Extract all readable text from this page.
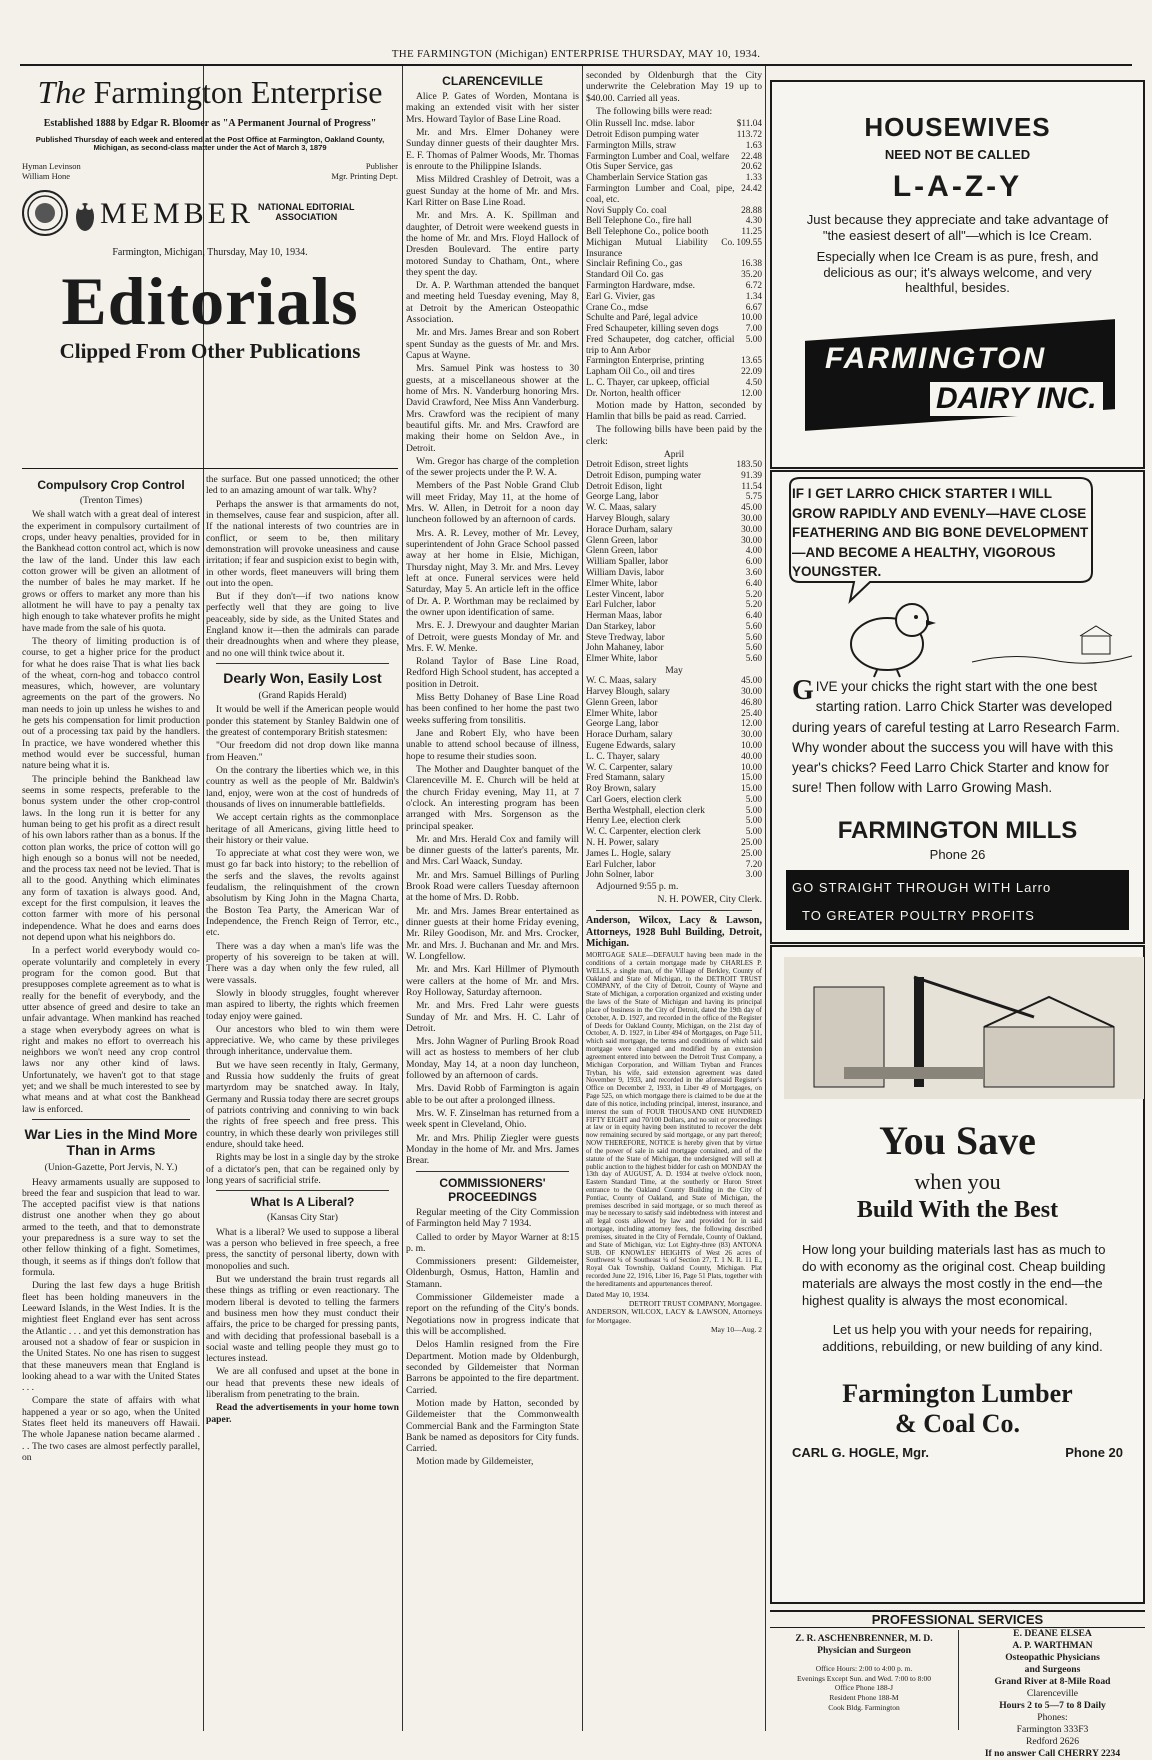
THE FARMINGTON (Michigan) ENTERPRISE THURSDAY, MAY 10, 1934.
The Farmington Enterprise
Established 1888 by Edgar R. Bloomer as "A Permanent Journal of Progress"
Published Thursday of each week and entered at the Post Office at Farmington, Oakland County, Michigan, as second-class matter under the Act of March 3, 1879
Hyman Levinson
William Hone
Publisher
Mgr. Printing Dept.
MEMBER NATIONAL EDITORIAL
ASSOCIATION
Farmington, Michigan, Thursday, May 10, 1934.
Editorials
Clipped From Other Publications
Compulsory Crop Control
(Trenton Times)

We shall watch with a great deal of interest the experiment in compulsory curtailment of crops, under heavy penalties, provided for in the Bankhead cotton control act, which is now the law of the land. Under this law each cotton grower will be given an allotment of the number of bales he may market. If he grows or offers to market any more than his allotment he will have to pay a penalty tax high enough to take whatever profits he might have made from the sale of his quota.

The theory of limiting production is of course, to get a higher price for the product for what he does raise That is what lies back of the wheat, corn-hog and tobacco control measures, which, however, are voluntary agreements on the part of the growers. No man needs to join up unless he wishes to and he gets his compensation for limit production out of a processing tax paid by the handlers. In practice, we have wondered whether this method would ever be successful, human nature being what it is.

The principle behind the Bankhead law seems in some respects, preferable to the bonus system under the other crop-control laws. In the long run it is better for any human being to get his profit as a direct result of his own labors rather than as a bonus. If the cotton plan works, the price of cotton will go high enough so a bonus will not be needed, and the process tax need not be levied. That is all to the good. Anything which eliminates any form of taxation is always good. And, except for the first compulsion, it leaves the cotton farmer with more of his personal independence. What he does and earns does not depend upon what his neighbors do.

In a perfect world everybody would co-operate voluntarily and completely in every program for the comon good. But that presupposes complete agreement as to what is really for the benefit of everybody, and the utter absence of greed and desire to take an unfair advantage. When mankind has reached a stage when everybody agrees on what is right and makes no effort to overreach his neighbors we won't need any crop control laws nor any other kind of laws. Unfortunately, we haven't got to that stage yet; and we shall be much interested to see by what means and at what cost the Bankhead law is enforced.

War Lies in the Mind More Than in Arms
(Union-Gazette, Port Jervis, N. Y.)

Heavy armaments usually are supposed to breed the fear and suspicion that lead to war. The accepted pacifist view is that nations distrust one another when they go about armed to the teeth, and that to demonstrate your preparedness is a sure way to set the other fellow thinking of a fight. Sometimes, though, it seems as if things don't follow that formula.

During the last few days a huge British fleet has been holding maneuvers in the Leeward Islands, in the West Indies. It is the mightiest fleet England ever has sent across the Atlantic . . . and yet this demonstration has aroused not a shadow of fear or suspicion in the United States. No one has risen to suggest that these maneuvers mean that England is looking ahead to a war with the United States . . .

Compare the state of affairs with what happened a year or so ago, when the United States fleet held its maneuvers off Hawaii. The whole Japanese nation became alarmed . . . The two cases are almost perfectly parallel, on

the surface. But one passed unnoticed; the other led to an amazing amount of war talk. Why?

Perhaps the answer is that armaments do not, in themselves, cause fear and suspicion, after all. If the national interests of two countries are in conflict, or seem to be, then military demonstration will provoke uneasiness and cause irritation; if fear and suspicion exist to begin with, in other words, fleet maneuvers will bring them out into the open.

But if they don't—if two nations know perfectly well that they are going to live peaceably, side by side, as the United States and England know it—then the admirals can parade their dreadnoughts when and where they please, and no one will think twice about it.

Dearly Won, Easily Lost
(Grand Rapids Herald)

It would be well if the American people would ponder this statement by Stanley Baldwin one of the greatest of contemporary British statesmen:

"Our freedom did not drop down like manna from Heaven."

On the contrary the liberties which we, in this country as well as the people of Mr. Baldwin's land, enjoy, were won at the cost of hundreds of thousands of lives on innumerable battlefields.

We accept certain rights as the commonplace heritage of all Americans, giving little heed to their history or their value.

To appreciate at what cost they were won, we must go far back into history; to the rebellion of the serfs and the slaves, the revolts against feudalism, the relinquishment of the crown absolutism by King John in the Magna Charta, the Boston Tea Party, the American War of Independence, the French Reign of Terror, etc., etc.

There was a day when a man's life was the property of his sovereign to be taken at will. There was a day when only the few ruled, all were vassals.

Slowly in bloody struggles, fought wherever man aspired to liberty, the rights which freemen today enjoy were gained.

Our ancestors who bled to win them were appreciative. We, who came by these privileges through inheritance, undervalue them.

But we have seen recently in Italy, Germany, and Russia how suddenly the fruits of great martyrdom may be snatched away. In Italy, Germany and Russia today there are secret groups of patriots contriving and conniving to win back the rights of free speech and free press. This country, in which these dearly won privileges still endure, should take heed.

Rights may be lost in a single day by the stroke of a dictator's pen, that can be regained only by long years of sacrificial strife.

What Is A Liberal?
(Kansas City Star)

What is a liberal? We used to suppose a liberal was a person who believed in free speech, a free press, the sanctity of personal liberty, down with monopolies and such.

But we understand the brain trust regards all these things as trifling or even reactionary. The modern liberal is devoted to telling the farmers and business men how they must conduct their affairs, the price to be charged for pressing pants, and with deciding that professional baseball is a social waste and telling people they must go to lectures instead.

We are all confused and upset at the bone in our head that prevents these new ideals of liberalism from penetrating to the brain.

Read the advertisements in your home town paper.

CLARENCEVILLE

Alice P. Gates of Worden, Montana is making an extended visit with her sister Mrs. Howard Taylor of Base Line Road.

Mr. and Mrs. Elmer Dohaney were Sunday dinner guests of their daughter Mrs. E. F. Thomas of Palmer Woods, Mr. Thomas is enroute to the Philippine Islands.

Miss Mildred Crashley of Detroit, was a guest Sunday at the home of Mr. and Mrs. Karl Ritter on Base Line Road.

Mr. and Mrs. A. K. Spillman and daughter, of Detroit were weekend guests in the home of Mr. and Mrs. Floyd Hallock of Dresden Boulevard. The entire party motored Sunday to Chatham, Ont., where they spent the day.

Dr. A. P. Warthman attended the banquet and meeting held Tuesday evening, May 8, at Detroit by the American Osteopathic Association.

Mr. and Mrs. James Brear and son Robert spent Sunday as the guests of Mr. and Mrs. Capus at Wayne.

Mrs. Samuel Pink was hostess to 30 guests, at a miscellaneous shower at the home of Mrs. N. Vanderburg honoring Mrs. David Crawford, Nee Miss Ann Vanderburg. Mrs. Crawford was the recipient of many beautiful gifts. Mr. and Mrs. Crawford are making their home on Seldon Ave., in Detroit.

Wm. Gregor has charge of the completion of the sewer projects under the P. W. A.

Members of the Past Noble Grand Club will meet Friday, May 11, at the home of Mrs. W. Allen, in Detroit for a noon day luncheon followed by an afternoon of cards.

Mrs. A. R. Levey, mother of Mr. Levey, superintendent of John Grace School passed away at her home in Elsie, Michigan, Thursday night, May 3. Mr. and Mrs. Levey left at once. Funeral services were held Saturday, May 5. An article left in the office of Dr. A. P. Worthman may be reclaimed by the owner upon identification of same.

Mrs. E. J. Drewyour and daughter Marian of Detroit, were guests Monday of Mr. and Mrs. F. W. Menke.

Roland Taylor of Base Line Road, Redford High School student, has accepted a position in Detroit.

Miss Betty Dohaney of Base Line Road has been confined to her home the past two weeks suffering from tonsilitis.

Jane and Robert Ely, who have been unable to attend school because of illness, hope to resume their studies soon.

The Mother and Daughter banquet of the Clarenceville M. E. Church will be held at the church Friday evening, May 11, at 7 o'clock. An interesting program has been arranged with Mrs. Sorgenson as the principal speaker.

Mr. and Mrs. Herald Cox and family will be dinner guests of the latter's parents, Mr. and Mrs. Carl Waack, Sunday.

Mr. and Mrs. Samuel Billings of Purling Brook Road were callers Tuesday afternoon at the home of Mrs. D. Robb.

Mr. and Mrs. James Brear entertained as dinner guests at their home Friday evening, Mr. Riley Goodison, Mr. and Mrs. Crocker, Mr. and Mrs. J. Buchanan and Mr. and Mrs. W. Longfellow.

Mr. and Mrs. Karl Hillmer of Plymouth were callers at the home of Mr. and Mrs. Roy Holloway, Saturday afternoon.

Mr. and Mrs. Fred Lahr were guests Sunday of Mr. and Mrs. H. C. Lahr of Detroit.

Mrs. John Wagner of Purling Brook Road will act as hostess to members of her club Monday, May 14, at a noon day luncheon, followed by an afternoon of cards.

Mrs. David Robb of Farmington is again able to be out after a prolonged illness.

Mrs. W. F. Zinselman has returned from a week spent in Cleveland, Ohio.

Mr. and Mrs. Philip Ziegler were guests Monday in the home of Mr. and Mrs. James Brear.

COMMISSIONERS' PROCEEDINGS

Regular meeting of the City Commission of Farmington held May 7 1934.

Called to order by Mayor Warner at 8:15 p. m.

Commissioners present: Gildemeister, Oldenburgh, Osmus, Hatton, Hamlin and Stamann.

Commissioner Gildemeister made a report on the refunding of the City's bonds. Negotiations now in progress indicate that this will be accomplished.

Delos Hamlin resigned from the Fire Department. Motion made by Oldenburgh, seconded by Gildemeister that Norman Barrons be appointed to the fire department. Carried.

Motion made by Hatton, seconded by Gildemeister that the Commonwealth Commercial Bank and the Farmington State Bank be named as depositors for City funds. Carried.

Motion made by Gildemeister,

seconded by Oldenburgh that the City underwrite the Celebration May 19 up to $40.00. Carried all yeas.

The following bills were read:

Olin Russell Inc. mdse. labor	$11.04
Detroit Edison pumping water	113.72
Farmington Mills, straw	1.63
Farmington Lumber and Coal, welfare	22.48
Otis Super Service, gas	20.62
Chamberlain Service Station gas	1.33
Farmington Lumber and Coal, pipe, coal, etc.	24.42
Novi Supply Co. coal	28.88
Bell Telephone Co., fire hall	4.30
Bell Telephone Co., police booth	11.25
Michigan Mutual Liability Co. Insurance	109.55
Sinclair Refining Co., gas	16.38
Standard Oil Co. gas	35.20
Farmington Hardware, mdse.	6.72
Earl G. Vivier, gas	1.34
Crane Co., mdse	6.67
Schulte and Paré, legal advice	10.00
Fred Schaupeter, killing seven dogs	7.00
Fred Schaupeter, dog catcher, official trip to Ann Arbor	5.00
Farmington Enterprise, printing	13.65
Lapham Oil Co., oil and tires	22.09
L. C. Thayer, car upkeep, official	4.50
Dr. Norton, health officer	12.00

Motion made by Hatton, seconded by Hamlin that bills be paid as read. Carried.

The following bills have been paid by the clerk:

April
Detroit Edison, street lights	183.50
Detroit Edison, pumping water	91.39
Detroit Edison, light	11.54
George Lang, labor	5.75
W. C. Maas, salary	45.00
Harvey Blough, salary	30.00
Horace Durham, salary	30.00
Glenn Green, labor	30.00
Glenn Green, labor	4.00
William Spaller, labor	6.00
William Davis, labor	3.60
Elmer White, labor	6.40
Lester Vincent, labor	5.20
Earl Fulcher, labor	5.20
Herman Maas, labor	6.40
Dan Starkey, labor	5.60
Steve Tredway, labor	5.60
John Mahaney, labor	5.60
Elmer White, labor	5.60
May
W. C. Maas, salary	45.00
Harvey Blough, salary	30.00
Glenn Green, labor	46.80
Elmer White, labor	25.40
George Lang, labor	12.00
Horace Durham, salary	30.00
Eugene Edwards, salary	10.00
L. C. Thayer, salary	40.00
W. C. Carpenter, salary	10.00
Fred Stamann, salary	15.00
Roy Brown, salary	15.00
Carl Goers, election clerk	5.00
Bertha Westphall, election clerk	5.00
Henry Lee, election clerk	5.00
W. C. Carpenter, election clerk	5.00
N. H. Power, salary	25.00
James L. Hogle, salary	25.00
Earl Fulcher, labor	7.20
John Solner, labor	3.00

Adjourned 9:55 p. m.

N. H. POWER, City Clerk.
Anderson, Wilcox, Lacy & Lawson, Attorneys, 1928 Buhl Building, Detroit, Michigan.
MORTGAGE SALE—DEFAULT having been made in the conditions of a certain mortgage made by CHARLES P. WELLS, a single man, of the Village of Berkley, County of Oakland and State of Michigan, to the DETROIT TRUST COMPANY, of the City of Detroit, County of Wayne and State of Michigan, a corporation organized and existing under the laws of the State of Michigan and having its principal place of business in the City of Detroit, dated the 19th day of October, A. D. 1927, and recorded in the office of the Register of Deeds for Oakland County, Michigan, on the 21st day of October, A. D. 1927, in Liber 494 of Mortgages, on Page 511, which said mortgage, the terms and conditions of which said mortgage were changed and modified by an extension agreement entered into between the Detroit Trust Company, a Michigan Corporation, and William Tryban and Frances Tryban, his wife, said extension agreement was dated November 9, 1933, and recorded in the aforesaid Register's Office on December 2, 1933, in Liber 49 of Mortgages, on Page 525, on which mortgage there is claimed to be due at the date of this notice, including principal, interest, insurance, and interest the sum of FOUR THOUSAND ONE HUNDRED FIFTY EIGHT and 70/100 Dollars, and no suit or proceedings at law or in equity having been instituted to recover the debt now remaining secured by said mortgage, or any part thereof; NOW THEREFORE, NOTICE is hereby given that by virtue of the power of sale in said mortgage contained, and of the statute of the State of Michigan, the undersigned will sell at public auction to the highest bidder for cash on MONDAY the 13th day of AUGUST, A. D. 1934 at twelve o'clock noon, Eastern Standard Time, at the southerly or Huron Street entrance to the Oakland County Building in the City of Pontiac, County of Oakland, and State of Michigan, the premises described in said mortgage, or so much thereof as may be necessary to satisfy said indebtedness with interest and all legal costs allowed by law and provided for in said mortgage, including attorney fees, the following described premises, situated in the City of Ferndale, County of Oakland, and State of Michigan, viz: Lot Eighty-three (83) ANTONA SUB. OF KNOWLES' HEIGHTS of West 26 acres of Southwest ¼ of Southeast ¼ of Section 27, T. 1 N. R. 11 E., Royal Oak Township, Oakland County, Michigan. Plat recorded June 22, 1916, Liber 16, Page 51 Plats, together with the hereditaments and appurtenances thereof.
Dated May 10, 1934.
DETROIT TRUST COMPANY, Mortgagee.
ANDERSON, WILCOX, LACY & LAWSON, Attorneys for Mortgagee.
May 10—Aug. 2
HOUSEWIVES
NEED NOT BE CALLED
L-A-Z-Y
Just because they appreciate and take advantage of "the easiest desert of all"—which is Ice Cream.
Especially when Ice Cream is as pure, fresh, and delicious as our; it's always welcome, and very healthful, besides.
FARMINGTON
DAIRY INC.
IF I GET LARRO CHICK STARTER I WILL GROW RAPIDLY AND EVENLY—HAVE CLOSE FEATHERING AND BIG BONE DEVELOPMENT—AND BECOME A HEALTHY, VIGOROUS YOUNGSTER.
GIVE your chicks the right start with the one best starting ration. Larro Chick Starter was developed during years of careful testing at Larro Research Farm. Why wonder about the success you will have with this year's chicks? Feed Larro Chick Starter and know for sure! Then follow with Larro Growing Mash.
FARMINGTON MILLS
Phone 26
GO STRAIGHT THROUGH WITH Larro
TO GREATER POULTRY PROFITS
You Save
when you
Build With the Best
How long your building materials last has as much to do with economy as the original cost. Cheap building materials are always the most costly in the end—the highest quality is always the most economical.
Let us help you with your needs for repairing, additions, rebuilding, or new building of any kind.
Farmington Lumber
& Coal Co.
CARL G. HOGLE, Mgr.	Phone 20
PROFESSIONAL SERVICES
Z. R. ASCHENBRENNER, M. D.
Physician and Surgeon
Office Hours: 2:00 to 4:00 p. m.
Evenings Except Sun. and Wed. 7:00 to 8:00
Office Phone 188-J
Resident Phone 188-M
Cook Bldg. Farmington
E. DEANE ELSEA
A. P. WARTHMAN
Osteopathic Physicians
and Surgeons
Grand River at 8-Mile Road
Clarenceville
Hours 2 to 5—7 to 8 Daily
Phones:
Farmington 333F3
Redford 2626
If no answer Call CHERRY 2234
